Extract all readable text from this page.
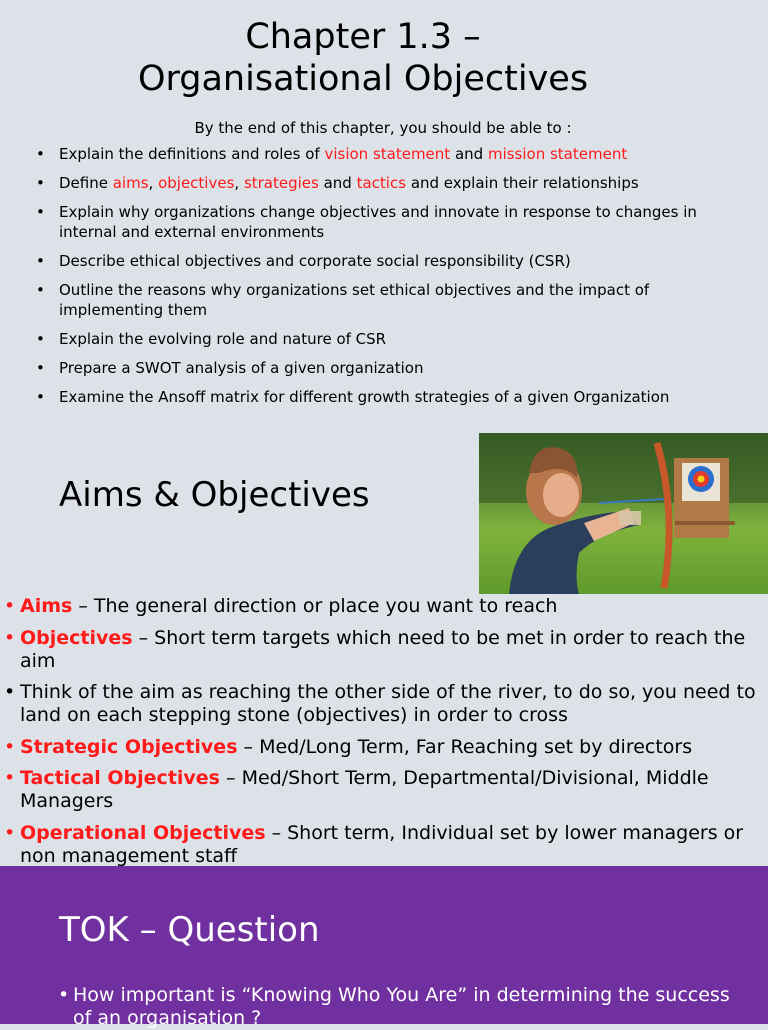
Chapter 1.3 –
Organisational Objectives
By the end of this chapter, you should be able to :
• Explain the definitions and roles of vision statement and mission statement
• Define aims, objectives, strategies and tactics and explain their relationships
• Explain why organizations change objectives and innovate in response to changes in internal and external environments
• Describe ethical objectives and corporate social responsibility (CSR)
• Outline the reasons why organizations set ethical objectives and the impact of implementing them
• Explain the evolving role and nature of CSR
• Prepare a SWOT analysis of a given organization
• Examine the Ansoff matrix for different growth strategies of a given Organization
Aims & Objectives
• Aims – The general direction or place you want to reach
• Objectives – Short term targets which need to be met in order to reach the aim
• Think of the aim as reaching the other side of the river, to do so, you need to land on each stepping stone (objectives) in order to cross
• Strategic Objectives – Med/Long Term, Far Reaching set by directors
• Tactical Objectives – Med/Short Term, Departmental/Divisional, Middle Managers
• Operational Objectives – Short term, Individual set by lower managers or non management staff
TOK – Question
• How important is “Knowing Who You Are” in determining the success of an organisation ?
